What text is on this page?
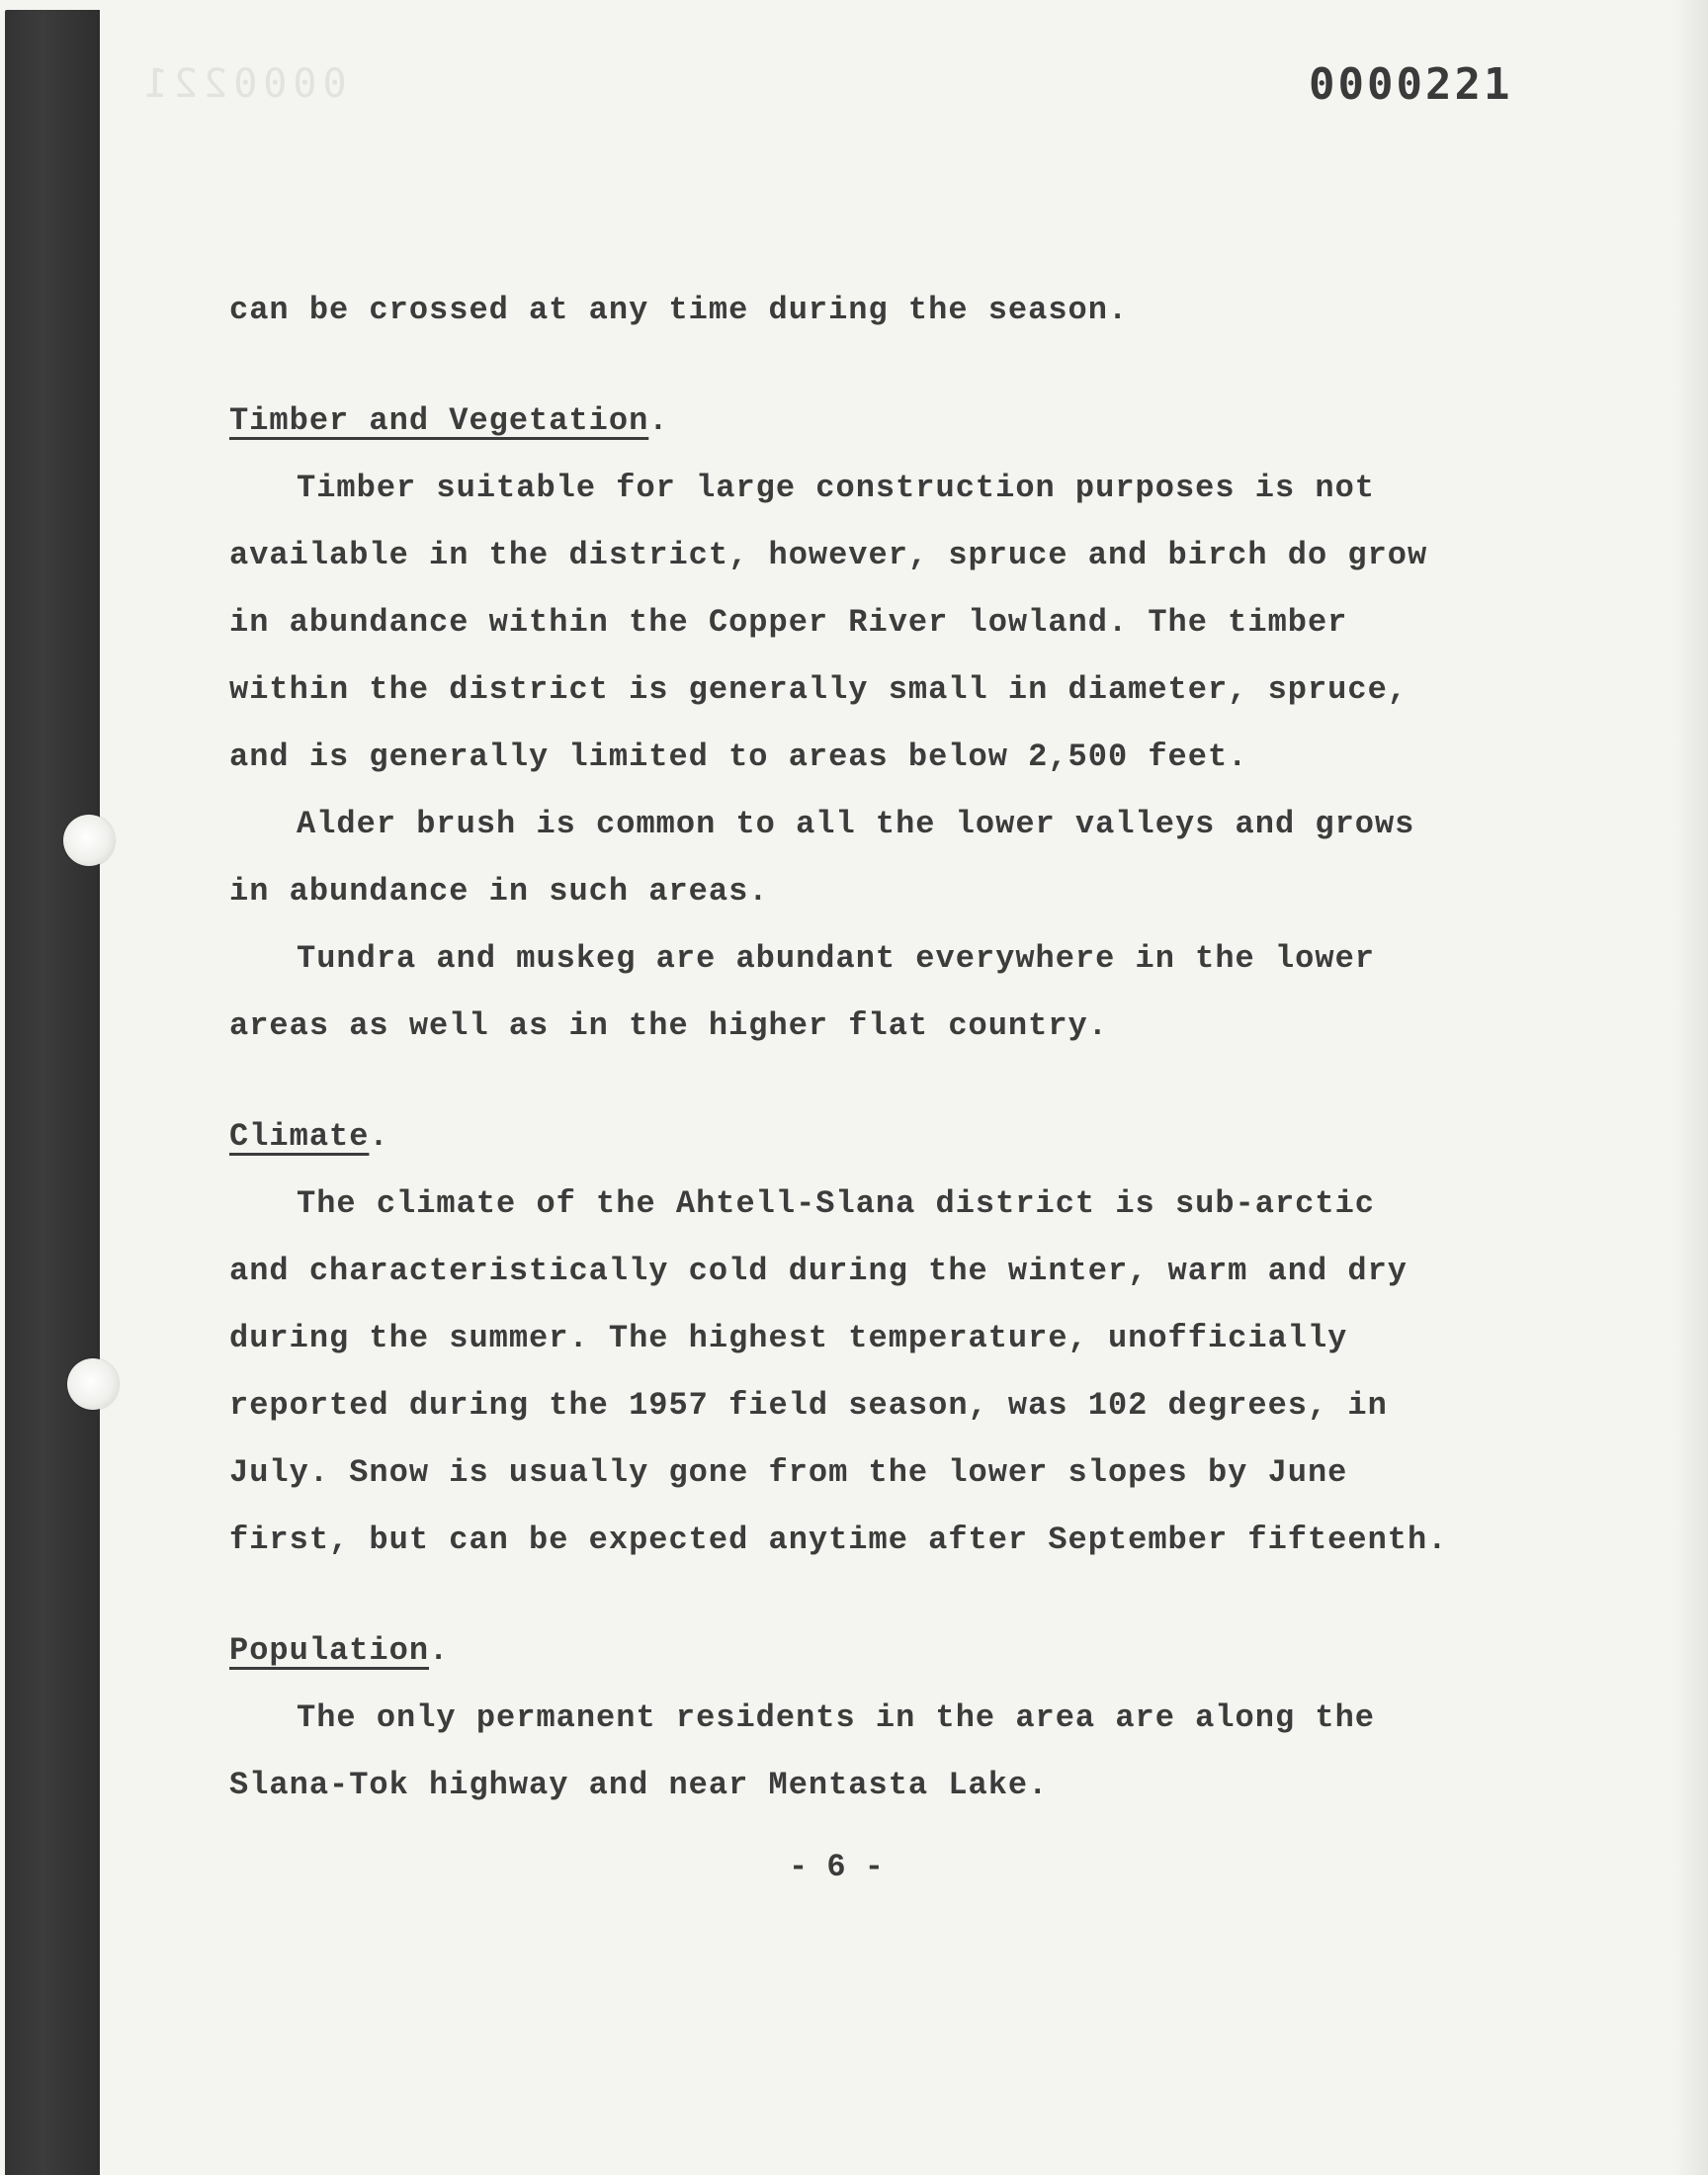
0000221	0000221
can be crossed at any time during the season.
Timber and Vegetation.
Timber suitable for large construction purposes is not
available in the district, however, spruce and birch do grow
in abundance within the Copper River lowland. The timber
within the district is generally small in diameter, spruce,
and is generally limited to areas below 2,500 feet.
Alder brush is common to all the lower valleys and grows
in abundance in such areas.
Tundra and muskeg are abundant everywhere in the lower
areas as well as in the higher flat country.
Climate.
The climate of the Ahtell-Slana district is sub-arctic
and characteristically cold during the winter, warm and dry
during the summer. The highest temperature, unofficially
reported during the 1957 field season, was 102 degrees, in
July. Snow is usually gone from the lower slopes by June
first, but can be expected anytime after September fifteenth.
Population.
The only permanent residents in the area are along the
Slana-Tok highway and near Mentasta Lake.
- 6 -
